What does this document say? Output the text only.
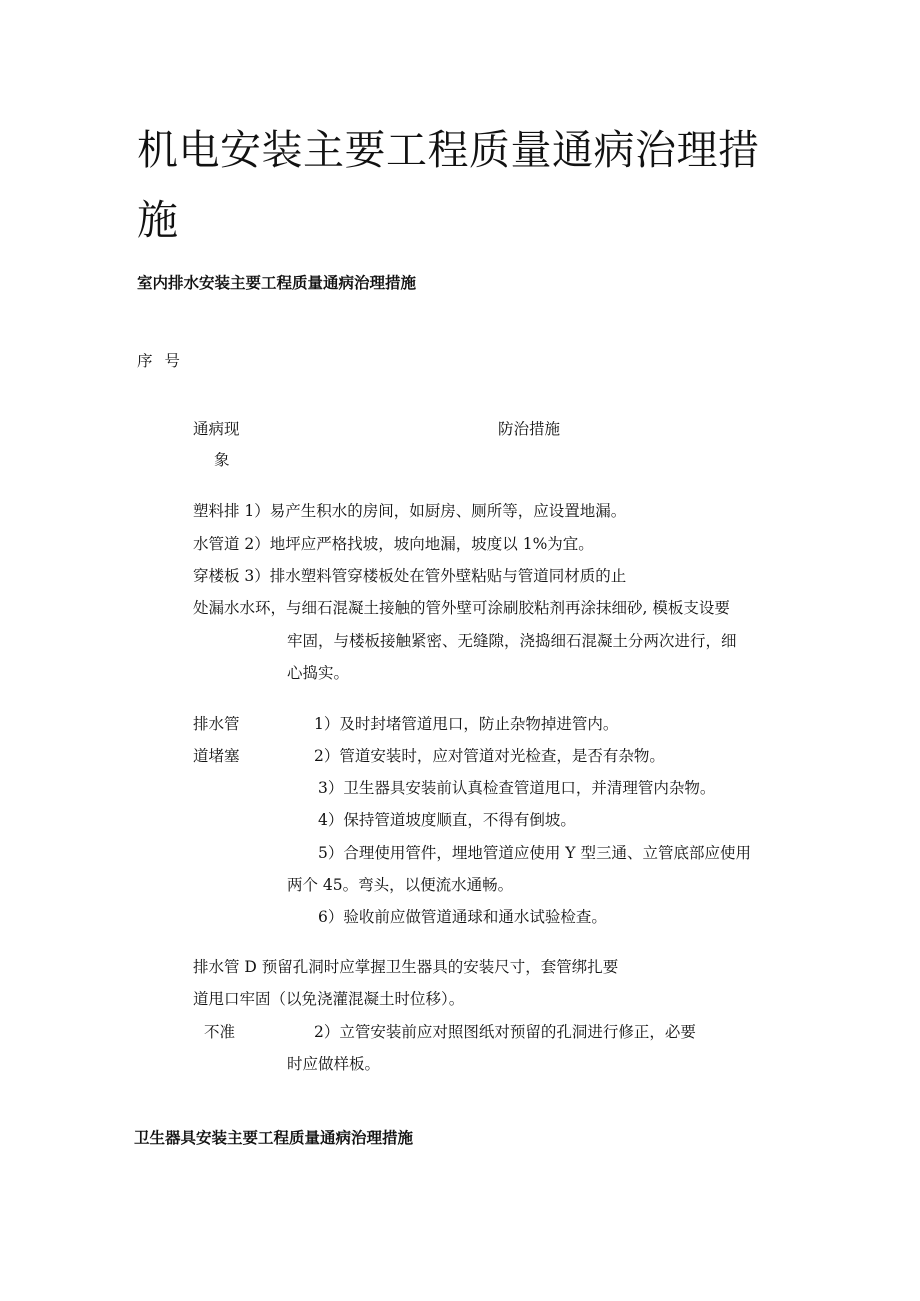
机电安装主要工程质量通病治理措
施
室内排水安装主要工程质量通病治理措施
序号
通病现
象
防治措施
塑料排 1）易产生积水的房间，如厨房、厕所等，应设置地漏。
水管道 2）地坪应严格找坡，坡向地漏，坡度以 1%为宜。
穿楼板 3）排水塑料管穿楼板处在管外壁粘贴与管道同材质的止
处漏水水环，与细石混凝土接触的管外壁可涂刷胶粘剂再涂抹细砂, 模板支设要
牢固，与楼板接触紧密、无缝隙，浇捣细石混凝土分两次进行，细
心捣实。
排水管
道堵塞
1）及时封堵管道甩口，防止杂物掉进管内。
2）管道安装时，应对管道对光检查，是否有杂物。
3）卫生器具安装前认真检查管道甩口，并清理管内杂物。
4）保持管道坡度顺直，不得有倒坡。
5）合理使用管件，埋地管道应使用 Y 型三通、立管底部应使用
两个 45。弯头，以便流水通畅。
6）验收前应做管道通球和通水试验检查。
排水管 D 预留孔洞时应掌握卫生器具的安装尺寸，套管绑扎要
道甩口牢固（以免浇灌混凝土时位移）。
不准	2）立管安装前应对照图纸对预留的孔洞进行修正，必要
时应做样板。
卫生器具安装主要工程质量通病治理措施
